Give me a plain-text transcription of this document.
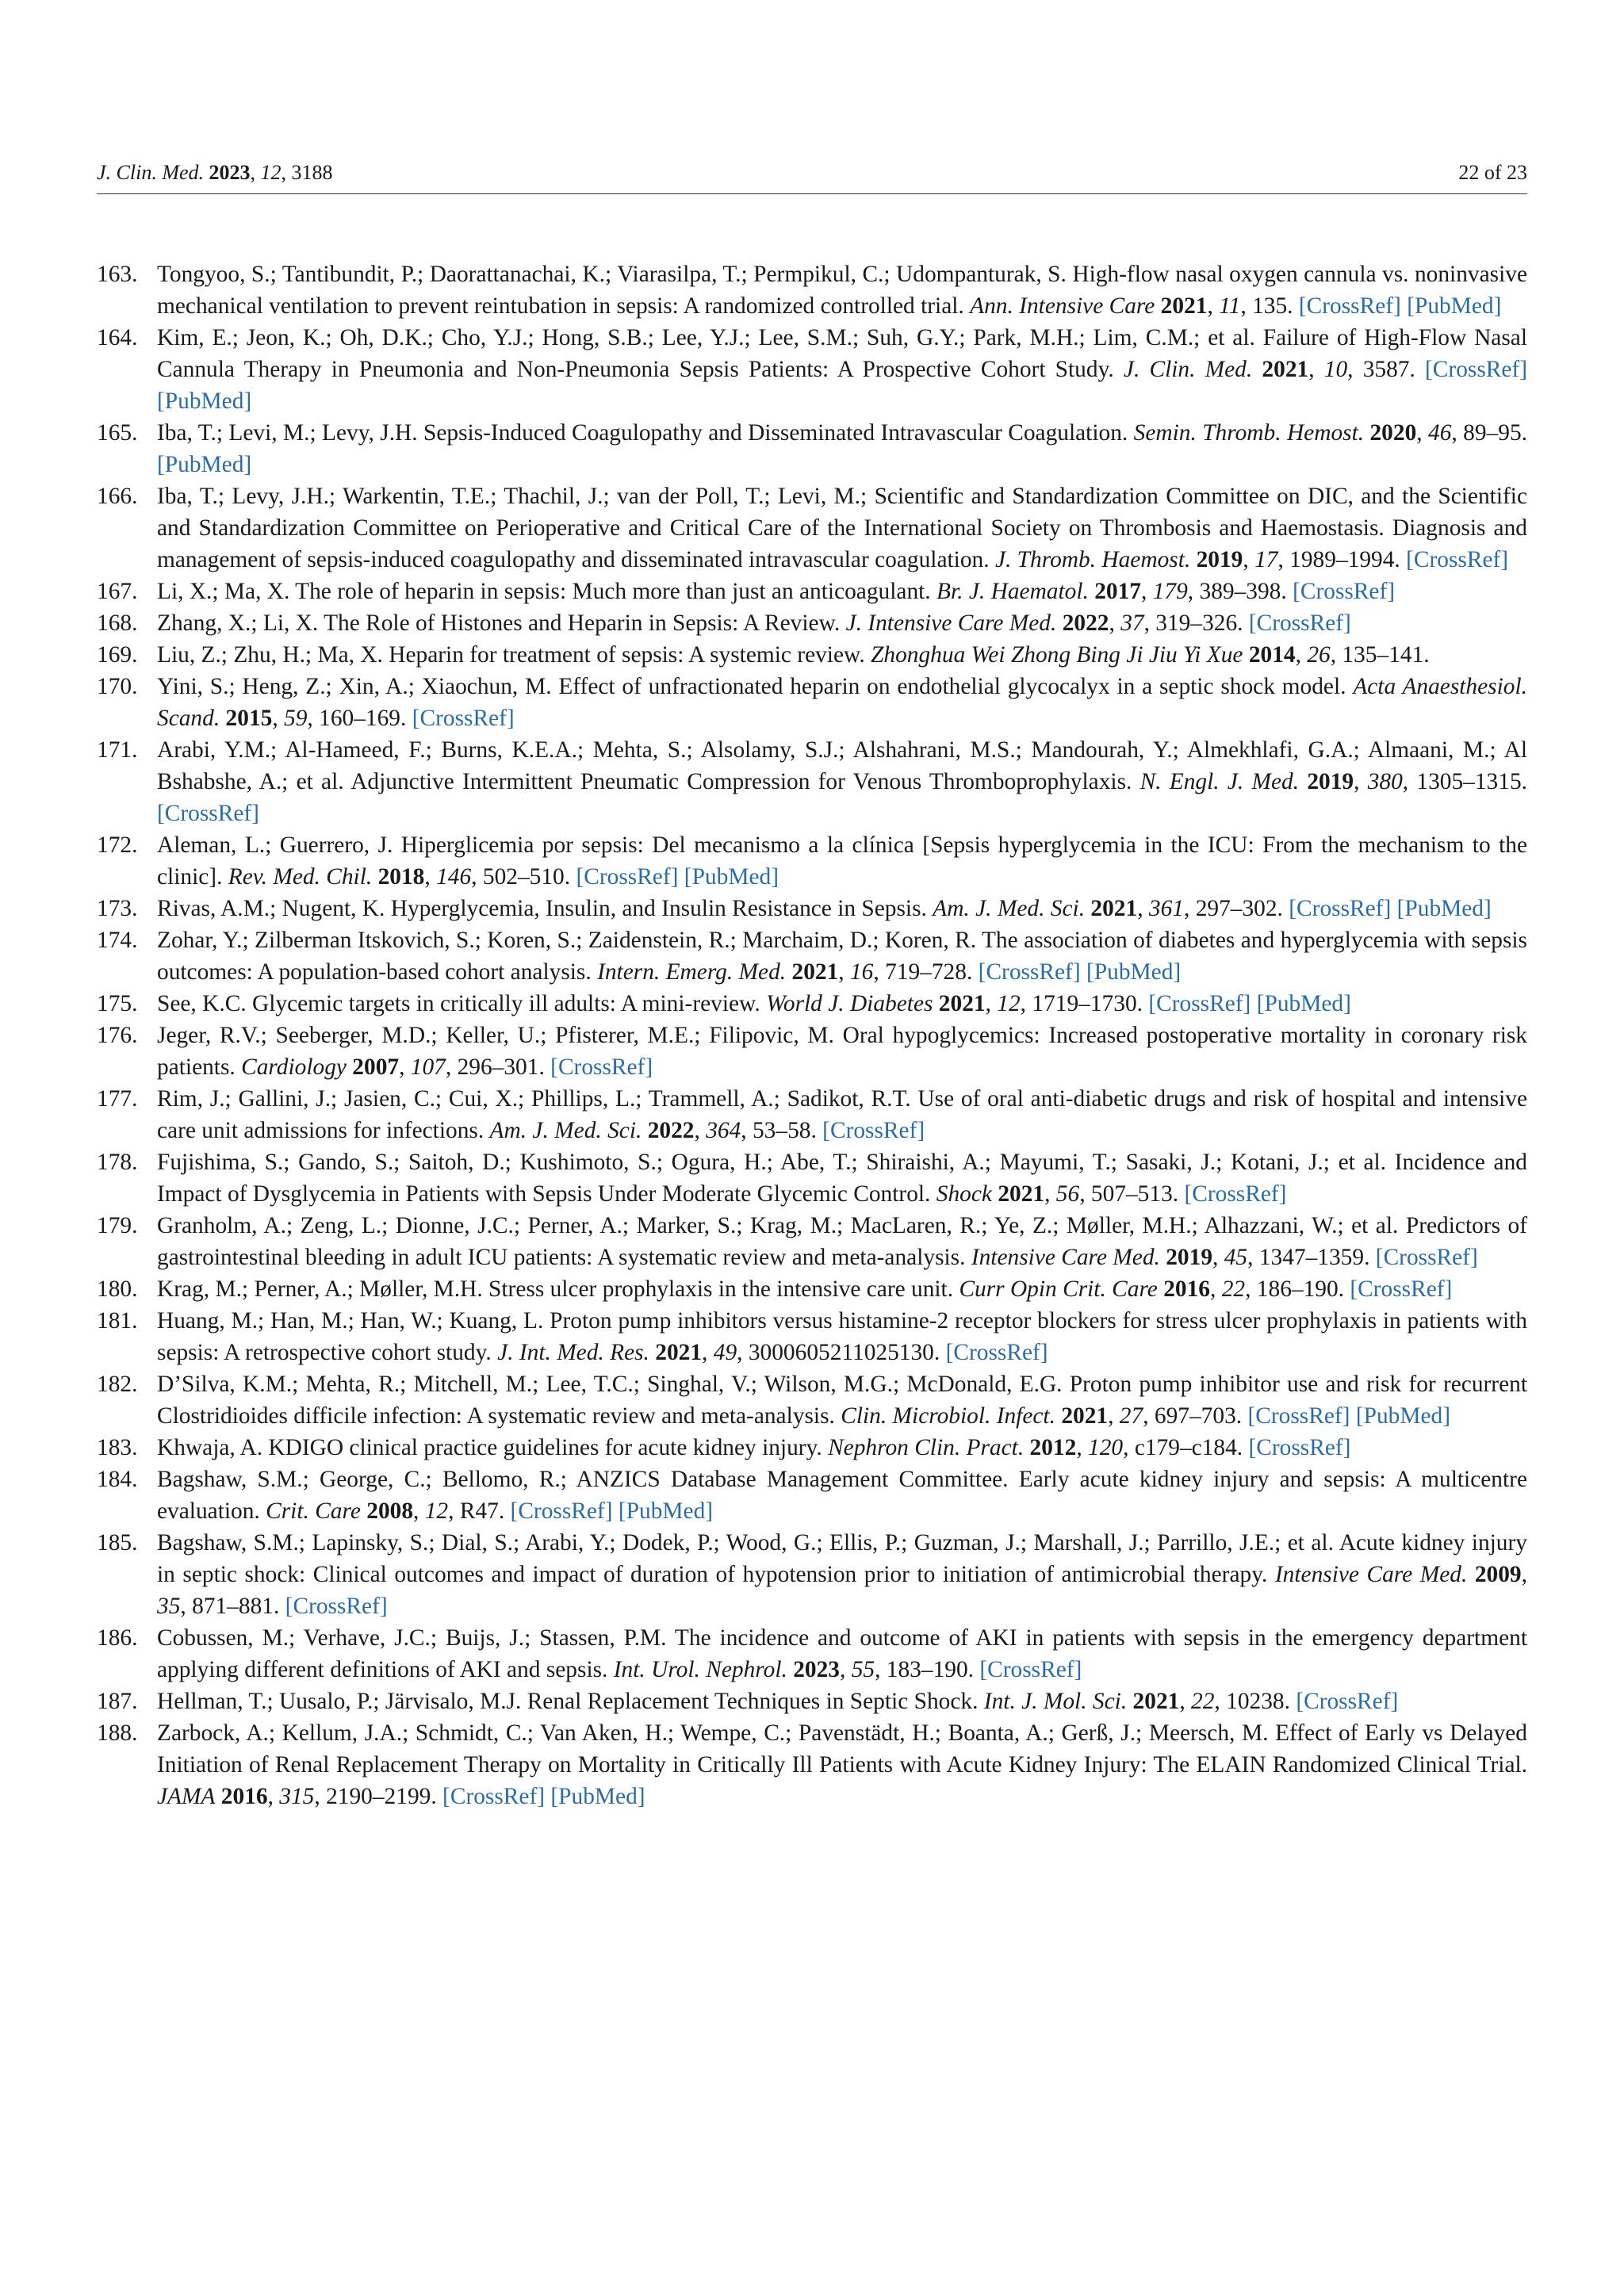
J. Clin. Med. 2023, 12, 3188	22 of 23
163. Tongyoo, S.; Tantibundit, P.; Daorattanachai, K.; Viarasilpa, T.; Permpikul, C.; Udompanturak, S. High-flow nasal oxygen cannula vs. noninvasive mechanical ventilation to prevent reintubation in sepsis: A randomized controlled trial. Ann. Intensive Care 2021, 11, 135. [CrossRef] [PubMed]
164. Kim, E.; Jeon, K.; Oh, D.K.; Cho, Y.J.; Hong, S.B.; Lee, Y.J.; Lee, S.M.; Suh, G.Y.; Park, M.H.; Lim, C.M.; et al. Failure of High-Flow Nasal Cannula Therapy in Pneumonia and Non-Pneumonia Sepsis Patients: A Prospective Cohort Study. J. Clin. Med. 2021, 10, 3587. [CrossRef] [PubMed]
165. Iba, T.; Levi, M.; Levy, J.H. Sepsis-Induced Coagulopathy and Disseminated Intravascular Coagulation. Semin. Thromb. Hemost. 2020, 46, 89–95. [PubMed]
166. Iba, T.; Levy, J.H.; Warkentin, T.E.; Thachil, J.; van der Poll, T.; Levi, M.; Scientific and Standardization Committee on DIC, and the Scientific and Standardization Committee on Perioperative and Critical Care of the International Society on Thrombosis and Haemostasis. Diagnosis and management of sepsis-induced coagulopathy and disseminated intravascular coagulation. J. Thromb. Haemost. 2019, 17, 1989–1994. [CrossRef]
167. Li, X.; Ma, X. The role of heparin in sepsis: Much more than just an anticoagulant. Br. J. Haematol. 2017, 179, 389–398. [CrossRef]
168. Zhang, X.; Li, X. The Role of Histones and Heparin in Sepsis: A Review. J. Intensive Care Med. 2022, 37, 319–326. [CrossRef]
169. Liu, Z.; Zhu, H.; Ma, X. Heparin for treatment of sepsis: A systemic review. Zhonghua Wei Zhong Bing Ji Jiu Yi Xue 2014, 26, 135–141.
170. Yini, S.; Heng, Z.; Xin, A.; Xiaochun, M. Effect of unfractionated heparin on endothelial glycocalyx in a septic shock model. Acta Anaesthesiol. Scand. 2015, 59, 160–169. [CrossRef]
171. Arabi, Y.M.; Al-Hameed, F.; Burns, K.E.A.; Mehta, S.; Alsolamy, S.J.; Alshahrani, M.S.; Mandourah, Y.; Almekhlafi, G.A.; Almaani, M.; Al Bshabshe, A.; et al. Adjunctive Intermittent Pneumatic Compression for Venous Thromboprophylaxis. N. Engl. J. Med. 2019, 380, 1305–1315. [CrossRef]
172. Aleman, L.; Guerrero, J. Hiperglicemia por sepsis: Del mecanismo a la clínica [Sepsis hyperglycemia in the ICU: From the mechanism to the clinic]. Rev. Med. Chil. 2018, 146, 502–510. [CrossRef] [PubMed]
173. Rivas, A.M.; Nugent, K. Hyperglycemia, Insulin, and Insulin Resistance in Sepsis. Am. J. Med. Sci. 2021, 361, 297–302. [CrossRef] [PubMed]
174. Zohar, Y.; Zilberman Itskovich, S.; Koren, S.; Zaidenstein, R.; Marchaim, D.; Koren, R. The association of diabetes and hyperglycemia with sepsis outcomes: A population-based cohort analysis. Intern. Emerg. Med. 2021, 16, 719–728. [CrossRef] [PubMed]
175. See, K.C. Glycemic targets in critically ill adults: A mini-review. World J. Diabetes 2021, 12, 1719–1730. [CrossRef] [PubMed]
176. Jeger, R.V.; Seeberger, M.D.; Keller, U.; Pfisterer, M.E.; Filipovic, M. Oral hypoglycemics: Increased postoperative mortality in coronary risk patients. Cardiology 2007, 107, 296–301. [CrossRef]
177. Rim, J.; Gallini, J.; Jasien, C.; Cui, X.; Phillips, L.; Trammell, A.; Sadikot, R.T. Use of oral anti-diabetic drugs and risk of hospital and intensive care unit admissions for infections. Am. J. Med. Sci. 2022, 364, 53–58. [CrossRef]
178. Fujishima, S.; Gando, S.; Saitoh, D.; Kushimoto, S.; Ogura, H.; Abe, T.; Shiraishi, A.; Mayumi, T.; Sasaki, J.; Kotani, J.; et al. Incidence and Impact of Dysglycemia in Patients with Sepsis Under Moderate Glycemic Control. Shock 2021, 56, 507–513. [CrossRef]
179. Granholm, A.; Zeng, L.; Dionne, J.C.; Perner, A.; Marker, S.; Krag, M.; MacLaren, R.; Ye, Z.; Møller, M.H.; Alhazzani, W.; et al. Predictors of gastrointestinal bleeding in adult ICU patients: A systematic review and meta-analysis. Intensive Care Med. 2019, 45, 1347–1359. [CrossRef]
180. Krag, M.; Perner, A.; Møller, M.H. Stress ulcer prophylaxis in the intensive care unit. Curr Opin Crit. Care 2016, 22, 186–190. [CrossRef]
181. Huang, M.; Han, M.; Han, W.; Kuang, L. Proton pump inhibitors versus histamine-2 receptor blockers for stress ulcer prophylaxis in patients with sepsis: A retrospective cohort study. J. Int. Med. Res. 2021, 49, 3000605211025130. [CrossRef]
182. D’Silva, K.M.; Mehta, R.; Mitchell, M.; Lee, T.C.; Singhal, V.; Wilson, M.G.; McDonald, E.G. Proton pump inhibitor use and risk for recurrent Clostridioides difficile infection: A systematic review and meta-analysis. Clin. Microbiol. Infect. 2021, 27, 697–703. [CrossRef] [PubMed]
183. Khwaja, A. KDIGO clinical practice guidelines for acute kidney injury. Nephron Clin. Pract. 2012, 120, c179–c184. [CrossRef]
184. Bagshaw, S.M.; George, C.; Bellomo, R.; ANZICS Database Management Committee. Early acute kidney injury and sepsis: A multicentre evaluation. Crit. Care 2008, 12, R47. [CrossRef] [PubMed]
185. Bagshaw, S.M.; Lapinsky, S.; Dial, S.; Arabi, Y.; Dodek, P.; Wood, G.; Ellis, P.; Guzman, J.; Marshall, J.; Parrillo, J.E.; et al. Acute kidney injury in septic shock: Clinical outcomes and impact of duration of hypotension prior to initiation of antimicrobial therapy. Intensive Care Med. 2009, 35, 871–881. [CrossRef]
186. Cobussen, M.; Verhave, J.C.; Buijs, J.; Stassen, P.M. The incidence and outcome of AKI in patients with sepsis in the emergency department applying different definitions of AKI and sepsis. Int. Urol. Nephrol. 2023, 55, 183–190. [CrossRef]
187. Hellman, T.; Uusalo, P.; Järvisalo, M.J. Renal Replacement Techniques in Septic Shock. Int. J. Mol. Sci. 2021, 22, 10238. [CrossRef]
188. Zarbock, A.; Kellum, J.A.; Schmidt, C.; Van Aken, H.; Wempe, C.; Pavenstädt, H.; Boanta, A.; Gerß, J.; Meersch, M. Effect of Early vs Delayed Initiation of Renal Replacement Therapy on Mortality in Critically Ill Patients with Acute Kidney Injury: The ELAIN Randomized Clinical Trial. JAMA 2016, 315, 2190–2199. [CrossRef] [PubMed]
